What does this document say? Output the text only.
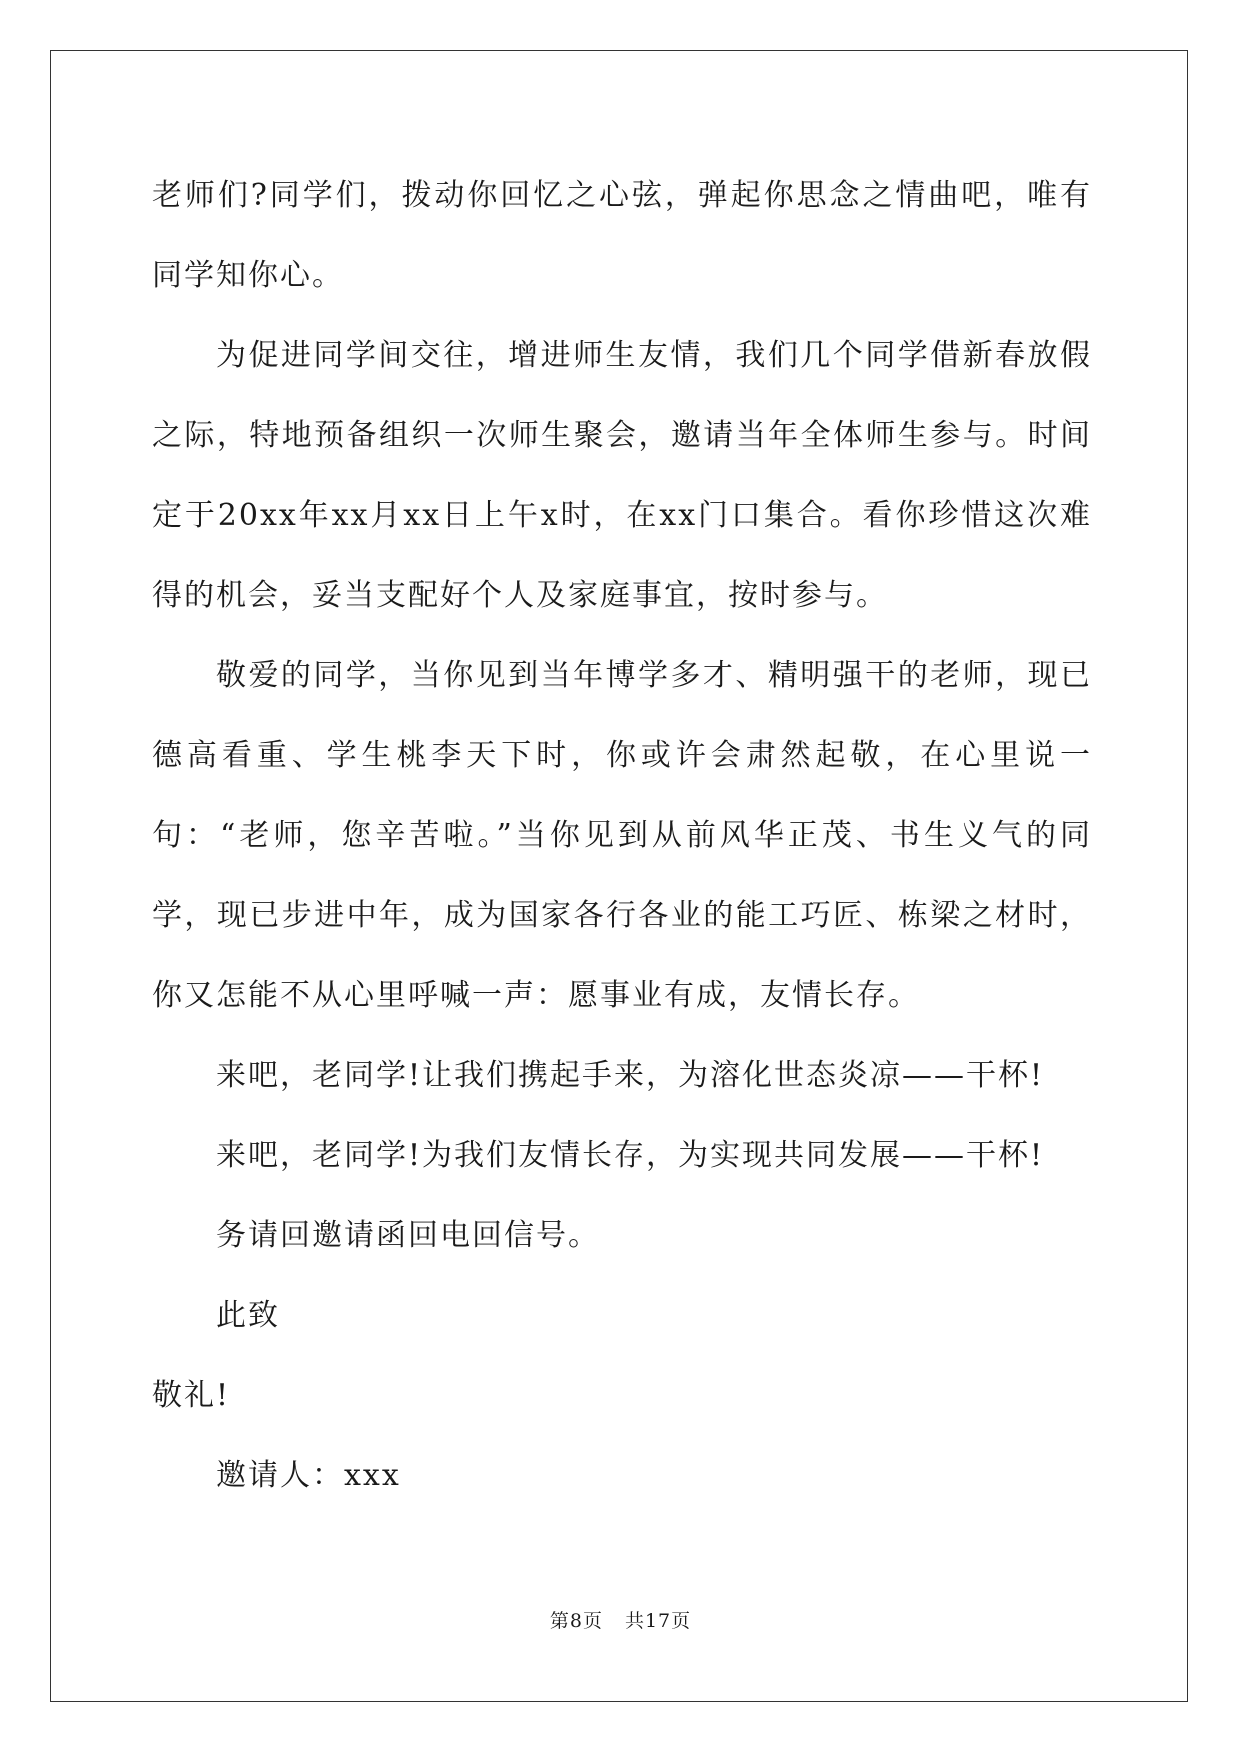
老师们?同学们，拨动你回忆之心弦，弹起你思念之情曲吧，唯有同学知你心。

为促进同学间交往，增进师生友情，我们几个同学借新春放假之际，特地预备组织一次师生聚会，邀请当年全体师生参与。时间定于20xx年xx月xx日上午x时，在xx门口集合。看你珍惜这次难得的机会，妥当支配好个人及家庭事宜，按时参与。

敬爱的同学，当你见到当年博学多才、精明强干的老师，现已德高看重、学生桃李天下时，你或许会肃然起敬，在心里说一句：“老师，您辛苦啦。”当你见到从前风华正茂、书生义气的同学，现已步进中年，成为国家各行各业的能工巧匠、栋梁之材时，你又怎能不从心里呼喊一声：愿事业有成，友情长存。

来吧，老同学!让我们携起手来，为溶化世态炎凉——干杯!

来吧，老同学!为我们友情长存，为实现共同发展——干杯!

务请回邀请函回电回信号。

此致

敬礼!

邀请人：xxx

第8页 共17页
